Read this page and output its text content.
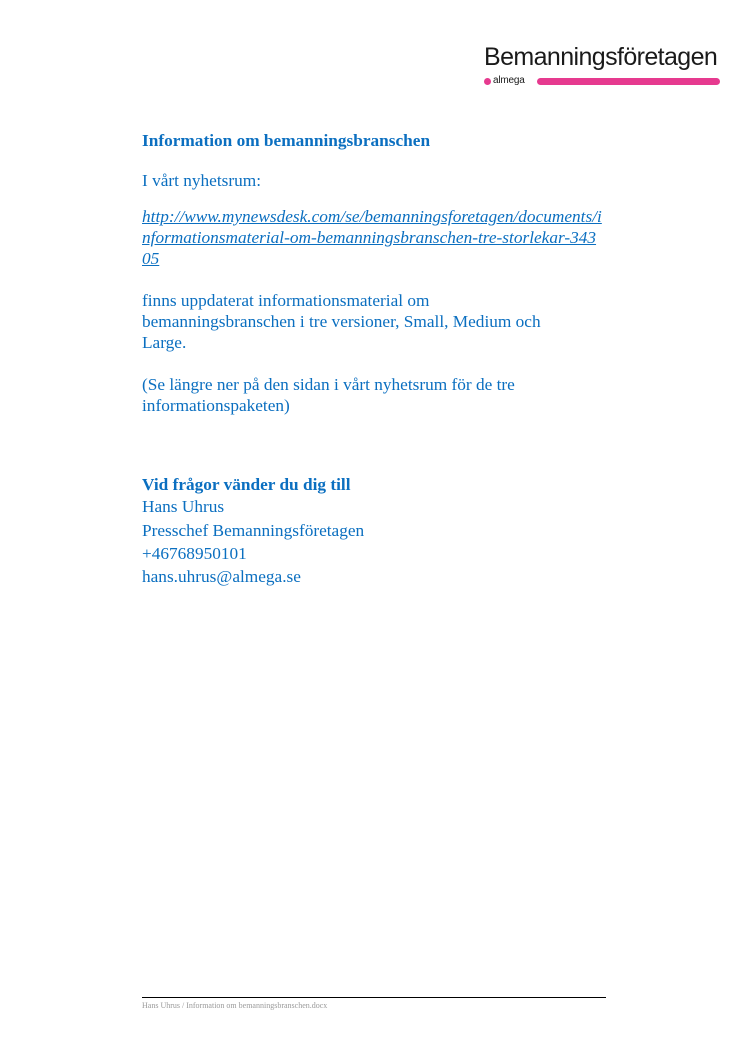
Bemanningsföretagen
almega
Information om bemanningsbranschen

I vårt nyhetsrum:

http://www.mynewsdesk.com/se/bemanningsforetagen/documents/informationsmaterial-om-bemanningsbranschen-tre-storlekar-34305

finns uppdaterat informationsmaterial om bemanningsbranschen i tre versioner, Small, Medium och Large.

(Se längre ner på den sidan i vårt nyhetsrum för de tre informationspaketen)

Vid frågor vänder du dig till
Hans Uhrus
Presschef Bemanningsföretagen
+46768950101
hans.uhrus@almega.se
Hans Uhrus / Information om bemanningsbranschen.docx
